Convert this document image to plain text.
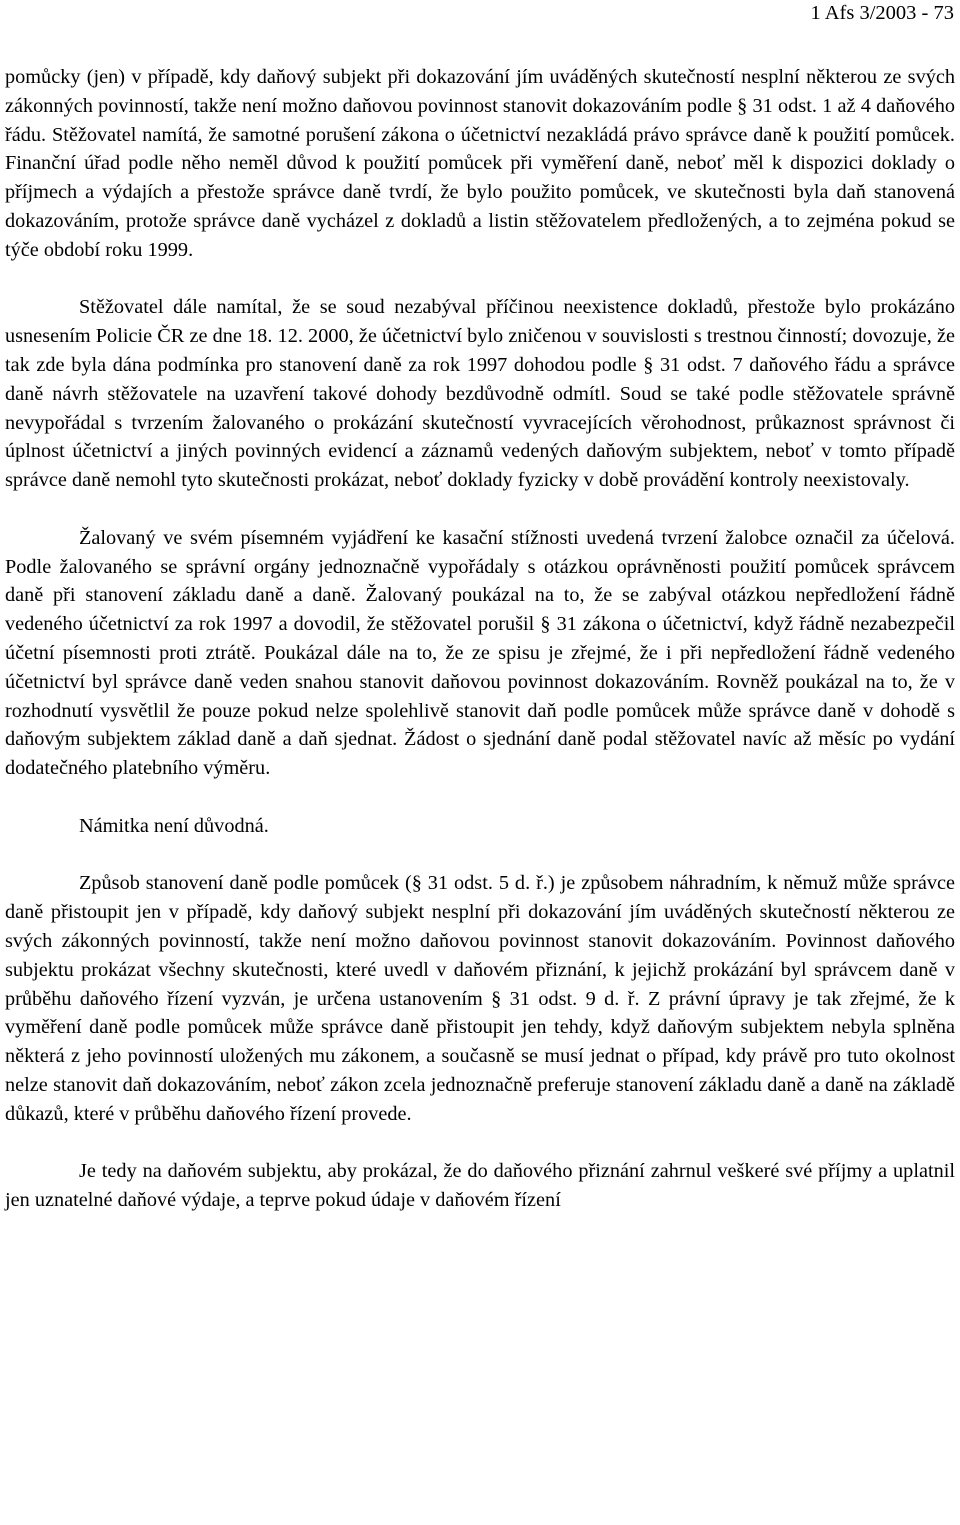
1 Afs 3/2003 - 73

pomůcky (jen) v případě, kdy daňový subjekt při dokazování jím uváděných skutečností nesplní některou ze svých zákonných povinností, takže není možno daňovou povinnost stanovit dokazováním podle § 31 odst. 1 až 4 daňového řádu. Stěžovatel namítá, že samotné porušení zákona o účetnictví nezakládá právo správce daně k použití pomůcek. Finanční úřad podle něho neměl důvod k použití pomůcek při vyměření daně, neboť měl k dispozici doklady o příjmech a výdajích a přestože správce daně tvrdí, že bylo použito pomůcek, ve skutečnosti byla daň stanovená dokazováním, protože správce daně vycházel z dokladů a listin stěžovatelem předložených, a to zejména pokud se týče období roku 1999.

Stěžovatel dále namítal, že se soud nezabýval příčinou neexistence dokladů, přestože bylo prokázáno usnesením Policie ČR ze dne 18. 12. 2000, že účetnictví bylo zničenou v souvislosti s trestnou činností; dovozuje, že tak zde byla dána podmínka pro stanovení daně za rok 1997 dohodou podle § 31 odst. 7 daňového řádu a správce daně návrh stěžovatele na uzavření takové dohody bezdůvodně odmítl. Soud se také podle stěžovatele správně nevypořádal s tvrzením žalovaného o prokázání skutečností vyvracejících věrohodnost, průkaznost správnost či úplnost účetnictví a jiných povinných evidencí a záznamů vedených daňovým subjektem, neboť v tomto případě správce daně nemohl tyto skutečnosti prokázat, neboť doklady fyzicky v době provádění kontroly neexistovaly.

Žalovaný ve svém písemném vyjádření ke kasační stížnosti uvedená tvrzení žalobce označil za účelová. Podle žalovaného se správní orgány jednoznačně vypořádaly s otázkou oprávněnosti použití pomůcek správcem daně při stanovení základu daně a daně. Žalovaný poukázal na to, že se zabýval otázkou nepředložení řádně vedeného účetnictví za rok 1997 a dovodil, že stěžovatel porušil § 31 zákona o účetnictví, když řádně nezabezpečil účetní písemnosti proti ztrátě. Poukázal dále na to, že ze spisu je zřejmé, že i při nepředložení řádně vedeného účetnictví byl správce daně veden snahou stanovit daňovou povinnost dokazováním. Rovněž poukázal na to, že v rozhodnutí vysvětlil že pouze pokud nelze spolehlivě stanovit daň podle pomůcek může správce daně v dohodě s daňovým subjektem základ daně a daň sjednat. Žádost o sjednání daně podal stěžovatel navíc až měsíc po vydání dodatečného platebního výměru.

Námitka není důvodná.

Způsob stanovení daně podle pomůcek (§ 31 odst. 5 d. ř.) je způsobem náhradním, k němuž může správce daně přistoupit jen v případě, kdy daňový subjekt nesplní při dokazování jím uváděných skutečností některou ze svých zákonných povinností, takže není možno daňovou povinnost stanovit dokazováním. Povinnost daňového subjektu prokázat všechny skutečnosti, které uvedl v daňovém přiznání, k jejichž prokázání byl správcem daně v průběhu daňového řízení vyzván, je určena ustanovením § 31 odst. 9 d. ř. Z právní úpravy je tak zřejmé, že k vyměření daně podle pomůcek může správce daně přistoupit jen tehdy, když daňovým subjektem nebyla splněna některá z jeho povinností uložených mu zákonem, a současně se musí jednat o případ, kdy právě pro tuto okolnost nelze stanovit daň dokazováním, neboť zákon zcela jednoznačně preferuje stanovení základu daně a daně na základě důkazů, které v průběhu daňového řízení provede.

Je tedy na daňovém subjektu, aby prokázal, že do daňového přiznání zahrnul veškeré své příjmy a uplatnil jen uznatelné daňové výdaje, a teprve pokud údaje v daňovém řízení
